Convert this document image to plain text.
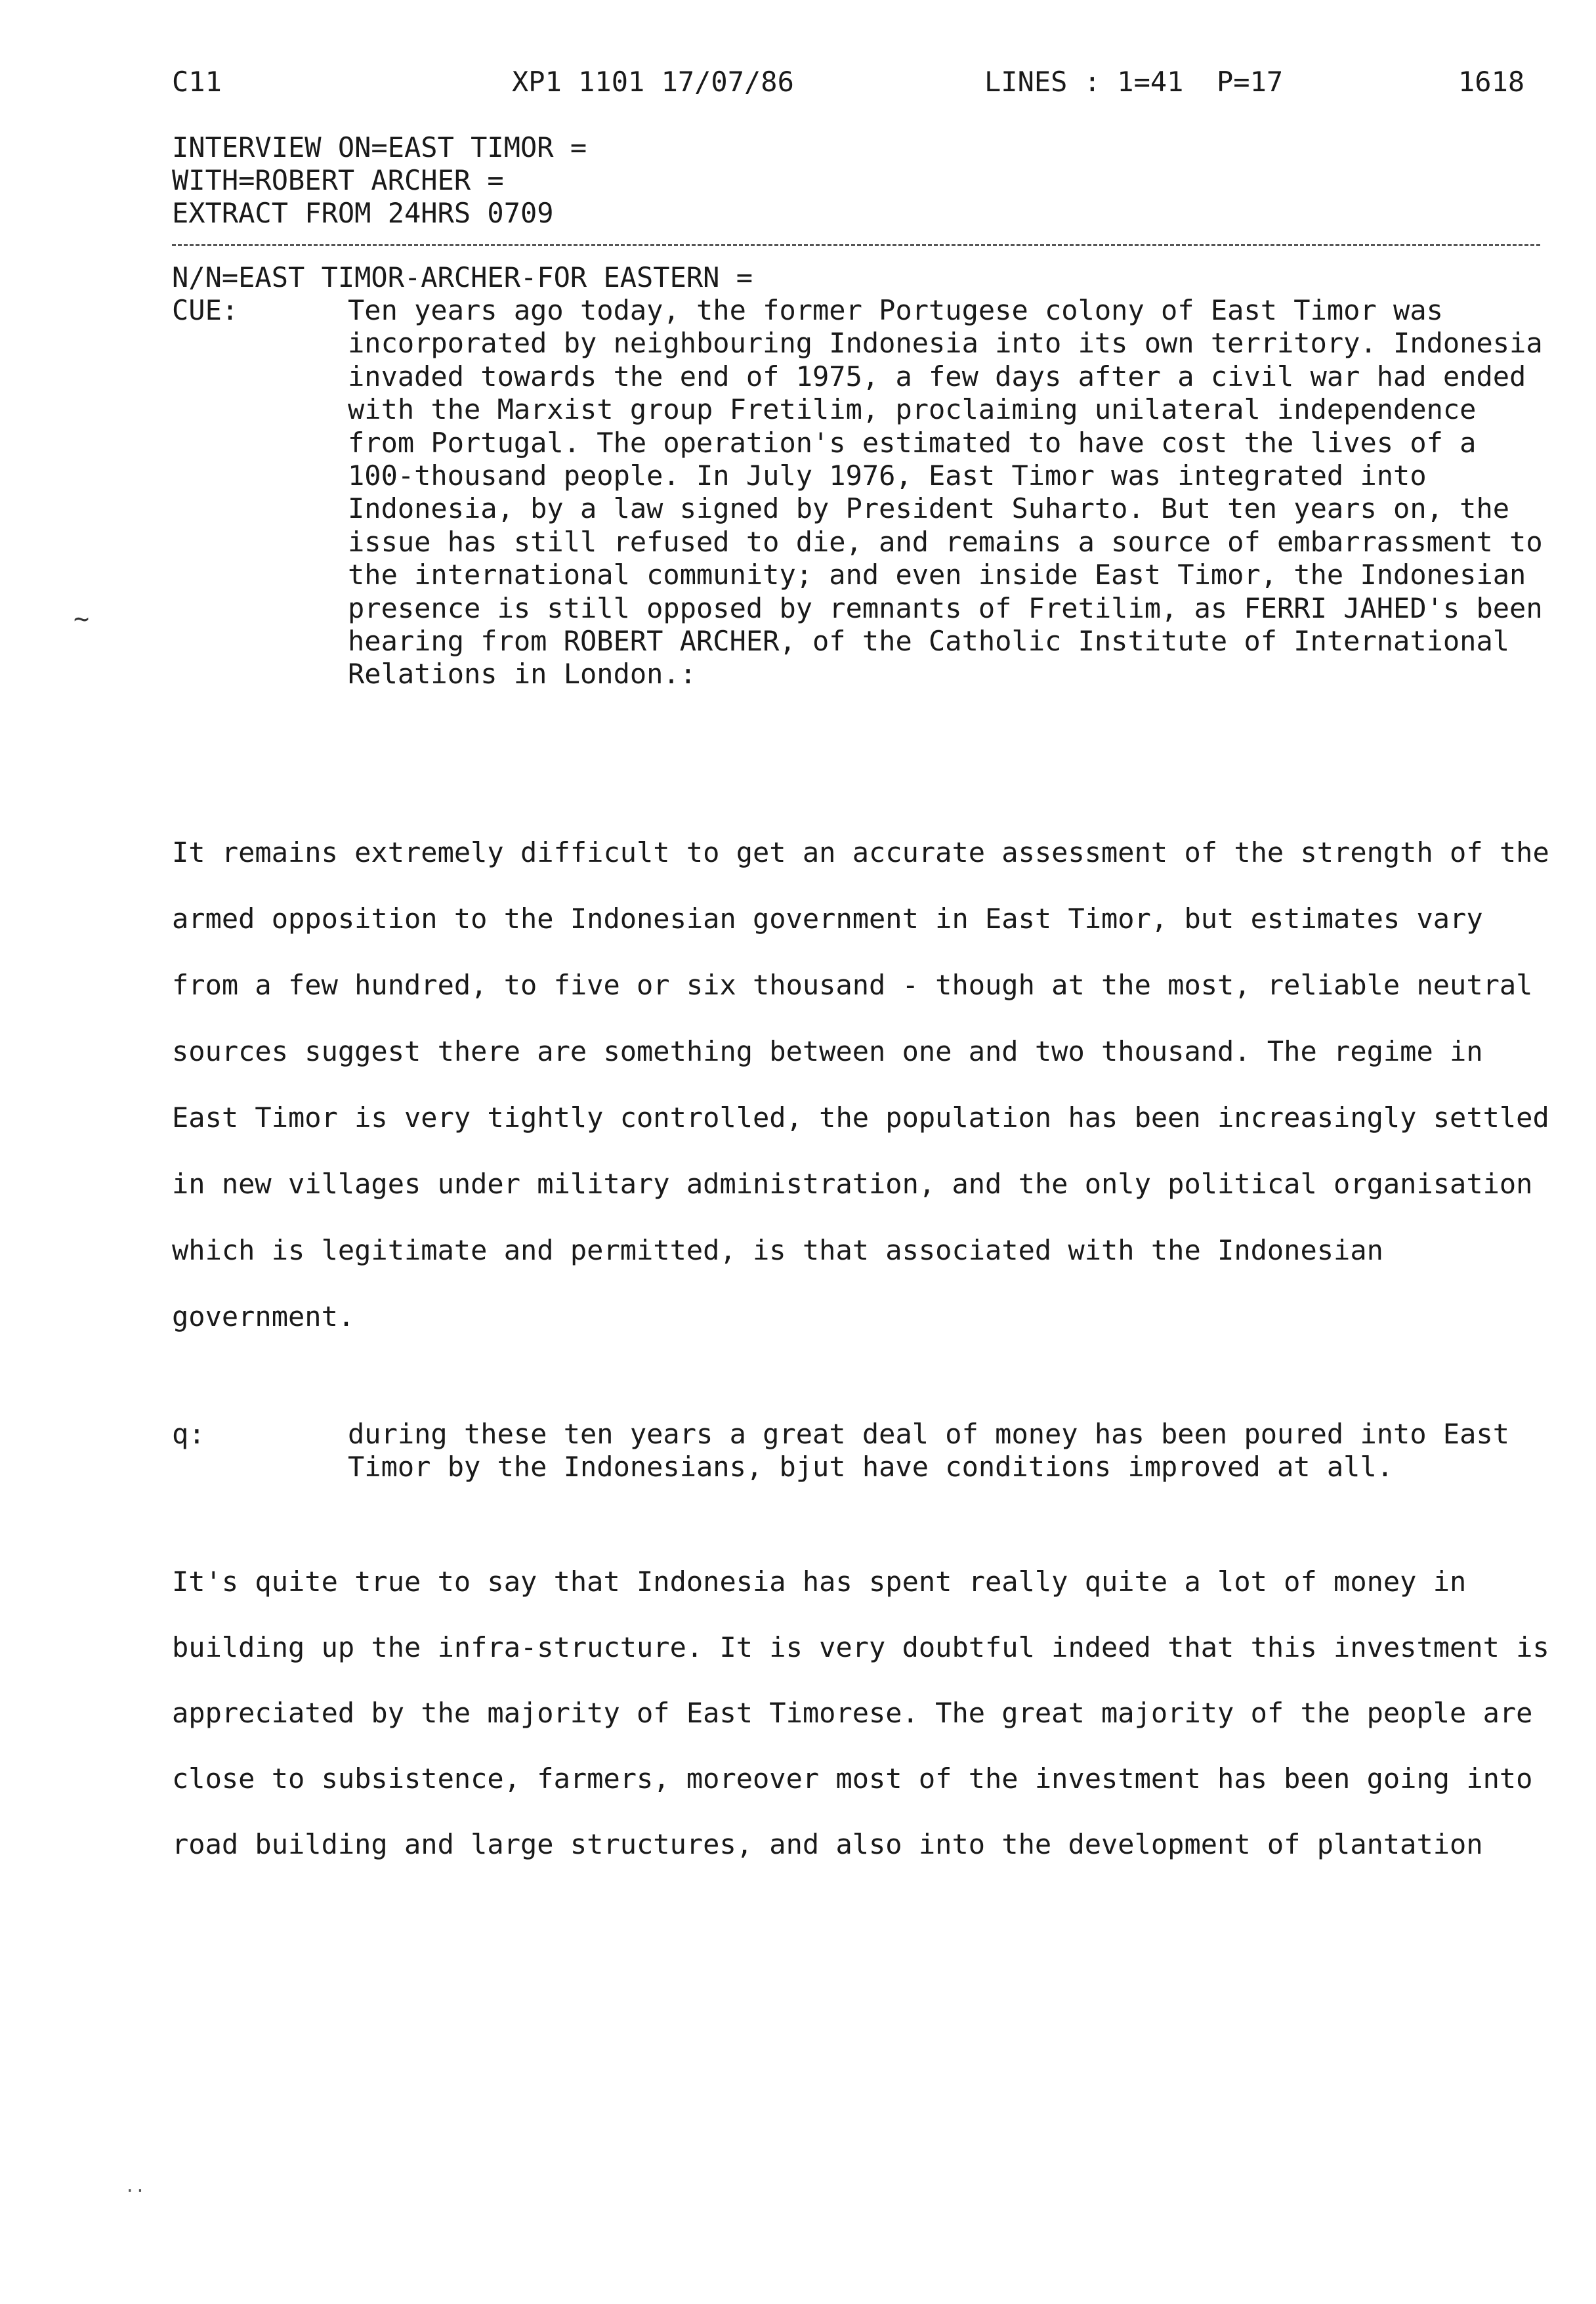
C11	XP1 1101 17/07/86	LINES : 1=41  P=17	1618
INTERVIEW ON=EAST TIMOR =
WITH=ROBERT ARCHER =
EXTRACT FROM 24HRS 0709
N/N=EAST TIMOR-ARCHER-FOR EASTERN =
CUE:	Ten years ago today, the former Portugese colony of East Timor was incorporated by neighbouring Indonesia into its own territory. Indonesia invaded towards the end of 1975, a few days after a civil war had ended with the Marxist group Fretilim, proclaiming unilateral independence from Portugal. The operation's estimated to have cost the lives of a 100-thousand people. In July 1976, East Timor was integrated into Indonesia, by a law signed by President Suharto. But ten years on, the issue has still refused to die, and remains a source of embarrassment to the international community; and even inside East Timor, the Indonesian presence is still opposed by remnants of Fretilim, as FERRI JAHED's been hearing from ROBERT ARCHER, of the Catholic Institute of International Relations in London.:
~
It remains extremely difficult to get an accurate assessment of the strength of the armed opposition to the Indonesian government in East Timor, but estimates vary from a few hundred, to five or six thousand - though at the most, reliable neutral sources suggest there are something between one and two thousand. The regime in East Timor is very tightly controlled, the population has been increasingly settled in new villages under military administration, and the only political organisation which is legitimate and permitted, is that associated with the Indonesian government.
q:	during these ten years a great deal of money has been poured into East Timor by the Indonesians, bjut have conditions improved at all.
It's quite true to say that Indonesia has spent really quite a lot of money in building up the infra-structure. It is very doubtful indeed that this investment is appreciated by the majority of East Timorese. The great majority of the people are close to subsistence, farmers, moreover most of the investment has been going into road building and large structures, and also into the development of plantation
..
